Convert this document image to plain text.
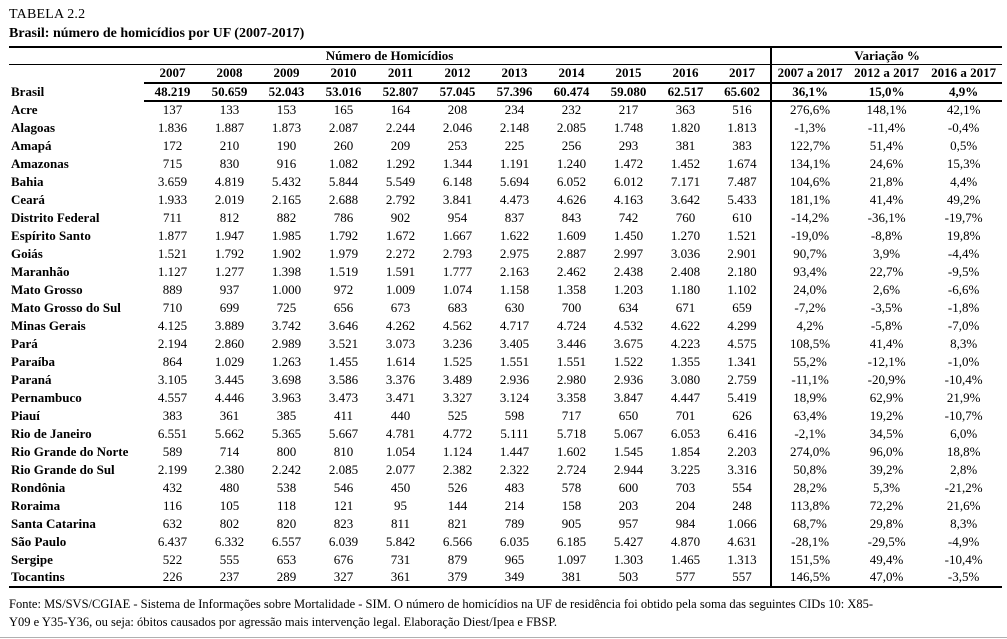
TABELA 2.2
Brasil: número de homicídios por UF (2007-2017)
Número de Homicídios												Variação %		
	2007	2008	2009	2010	2011	2012	2013	2014	2015	2016	2017	2007 a 2017	2012 a 2017	2016 a 2017
Brasil	48.219	50.659	52.043	53.016	52.807	57.045	57.396	60.474	59.080	62.517	65.602	36,1%	15,0%	4,9%
Acre	137	133	153	165	164	208	234	232	217	363	516	276,6%	148,1%	42,1%
Alagoas	1.836	1.887	1.873	2.087	2.244	2.046	2.148	2.085	1.748	1.820	1.813	-1,3%	-11,4%	-0,4%
Amapá	172	210	190	260	209	253	225	256	293	381	383	122,7%	51,4%	0,5%
Amazonas	715	830	916	1.082	1.292	1.344	1.191	1.240	1.472	1.452	1.674	134,1%	24,6%	15,3%
Bahia	3.659	4.819	5.432	5.844	5.549	6.148	5.694	6.052	6.012	7.171	7.487	104,6%	21,8%	4,4%
Ceará	1.933	2.019	2.165	2.688	2.792	3.841	4.473	4.626	4.163	3.642	5.433	181,1%	41,4%	49,2%
Distrito Federal	711	812	882	786	902	954	837	843	742	760	610	-14,2%	-36,1%	-19,7%
Espírito Santo	1.877	1.947	1.985	1.792	1.672	1.667	1.622	1.609	1.450	1.270	1.521	-19,0%	-8,8%	19,8%
Goiás	1.521	1.792	1.902	1.979	2.272	2.793	2.975	2.887	2.997	3.036	2.901	90,7%	3,9%	-4,4%
Maranhão	1.127	1.277	1.398	1.519	1.591	1.777	2.163	2.462	2.438	2.408	2.180	93,4%	22,7%	-9,5%
Mato Grosso	889	937	1.000	972	1.009	1.074	1.158	1.358	1.203	1.180	1.102	24,0%	2,6%	-6,6%
Mato Grosso do Sul	710	699	725	656	673	683	630	700	634	671	659	-7,2%	-3,5%	-1,8%
Minas Gerais	4.125	3.889	3.742	3.646	4.262	4.562	4.717	4.724	4.532	4.622	4.299	4,2%	-5,8%	-7,0%
Pará	2.194	2.860	2.989	3.521	3.073	3.236	3.405	3.446	3.675	4.223	4.575	108,5%	41,4%	8,3%
Paraíba	864	1.029	1.263	1.455	1.614	1.525	1.551	1.551	1.522	1.355	1.341	55,2%	-12,1%	-1,0%
Paraná	3.105	3.445	3.698	3.586	3.376	3.489	2.936	2.980	2.936	3.080	2.759	-11,1%	-20,9%	-10,4%
Pernambuco	4.557	4.446	3.963	3.473	3.471	3.327	3.124	3.358	3.847	4.447	5.419	18,9%	62,9%	21,9%
Piauí	383	361	385	411	440	525	598	717	650	701	626	63,4%	19,2%	-10,7%
Rio de Janeiro	6.551	5.662	5.365	5.667	4.781	4.772	5.111	5.718	5.067	6.053	6.416	-2,1%	34,5%	6,0%
Rio Grande do Norte	589	714	800	810	1.054	1.124	1.447	1.602	1.545	1.854	2.203	274,0%	96,0%	18,8%
Rio Grande do Sul	2.199	2.380	2.242	2.085	2.077	2.382	2.322	2.724	2.944	3.225	3.316	50,8%	39,2%	2,8%
Rondônia	432	480	538	546	450	526	483	578	600	703	554	28,2%	5,3%	-21,2%
Roraima	116	105	118	121	95	144	214	158	203	204	248	113,8%	72,2%	21,6%
Santa Catarina	632	802	820	823	811	821	789	905	957	984	1.066	68,7%	29,8%	8,3%
São Paulo	6.437	6.332	6.557	6.039	5.842	6.566	6.035	6.185	5.427	4.870	4.631	-28,1%	-29,5%	-4,9%
Sergipe	522	555	653	676	731	879	965	1.097	1.303	1.465	1.313	151,5%	49,4%	-10,4%
Tocantins	226	237	289	327	361	379	349	381	503	577	557	146,5%	47,0%	-3,5%
Fonte: MS/SVS/CGIAE - Sistema de Informações sobre Mortalidade - SIM. O número de homicídios na UF de residência foi obtido pela soma das seguintes CIDs 10: X85-
Y09 e Y35-Y36, ou seja: óbitos causados por agressão mais intervenção legal. Elaboração Diest/Ipea e FBSP.
